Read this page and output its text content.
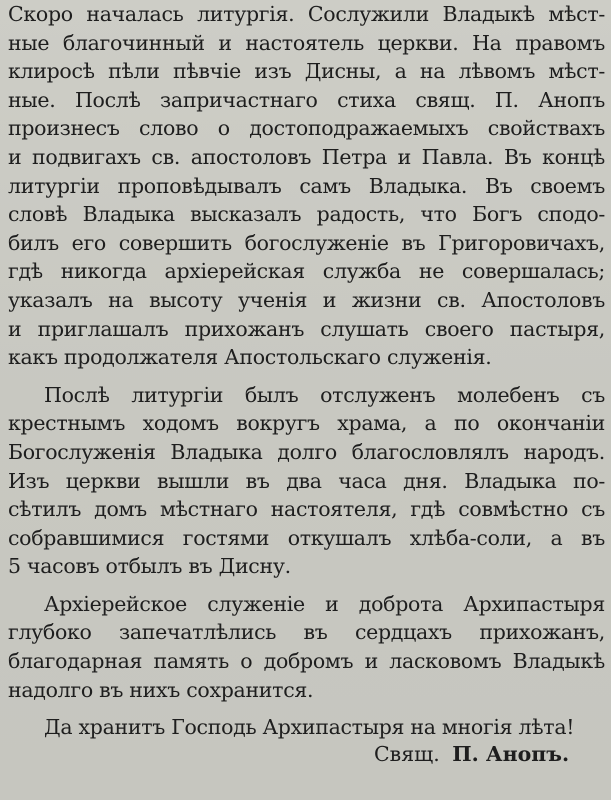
Скоро началась литургія. Сослужили Владыкѣ мѣст-
ные благочинный и настоятель церкви. На правомъ
клиросѣ пѣли пѣвчіе изъ Дисны, а на лѣвомъ мѣст-
ные. Послѣ запричастнаго стиха свящ. П. Анопъ
произнесъ слово о достоподражаемыхъ свойствахъ
и подвигахъ св. апостоловъ Петра и Павла. Въ концѣ
литургіи проповѣдывалъ самъ Владыка. Въ своемъ
словѣ Владыка высказалъ радость, что Богъ сподо-
билъ его совершить богослуженіе въ Григоровичахъ,
гдѣ никогда архіерейская служба не совершалась;
указалъ на высоту ученія и жизни св. Апостоловъ
и приглашалъ прихожанъ слушать своего пастыря,
какъ продолжателя Апостольскаго служенія.
Послѣ литургіи былъ отслуженъ молебенъ съ
крестнымъ ходомъ вокругъ храма, а по окончаніи
Богослуженія Владыка долго благословлялъ народъ.
Изъ церкви вышли въ два часа дня. Владыка по-
сѣтилъ домъ мѣстнаго настоятеля, гдѣ совмѣстно съ
собравшимися гостями откушалъ хлѣба-соли, а въ
5 часовъ отбылъ въ Дисну.
Архіерейское служеніе и доброта Архипастыря
глубоко запечатлѣлись въ сердцахъ прихожанъ,
благодарная память о добромъ и ласковомъ Владыкѣ
надолго въ нихъ сохранится.
Да хранитъ Господь Архипастыря на многія лѣта!
Свящ. П. Анопъ.
